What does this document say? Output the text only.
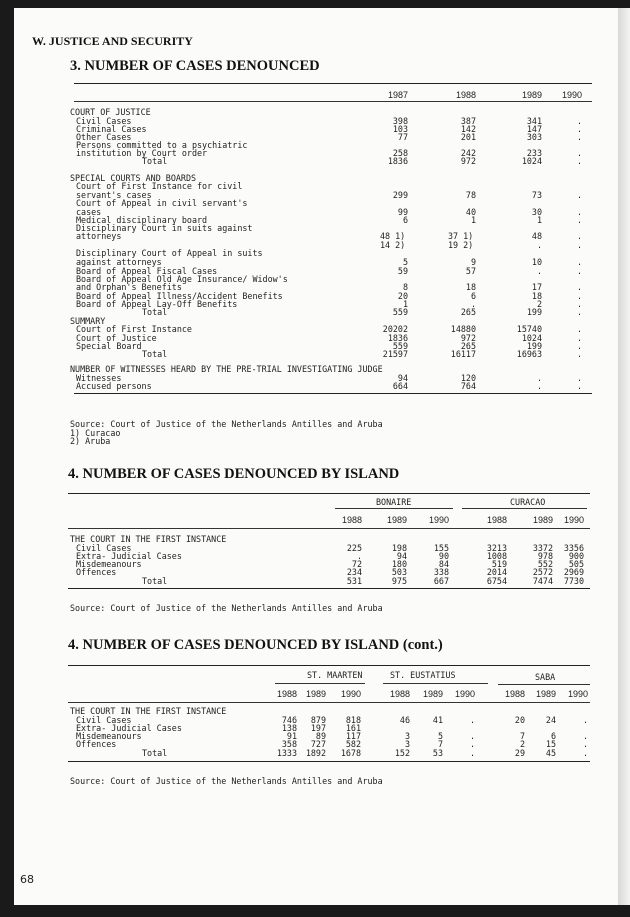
W. JUSTICE AND SECURITY
3. NUMBER OF CASES DENOUNCED
1987	1988	1989	1990
COURT OF JUSTICE
Civil Cases	398	387	341	.
Criminal Cases	103	142	147	.
Other Cases	77	201	303	.
Persons committed to a psychiatric
institution by Court order	258	242	233	.
Total	1836	972	1024	.
SPECIAL COURTS AND BOARDS
Court of First Instance for civil
servant's cases	299	78	73	.
Court of Appeal in civil servant's
cases	99	40	30	.
Medical disciplinary board	6	1	1	.
Disciplinary Court in suits against
attorneys	48 1)	37 1)	48	.
14 2)	19 2)	.	.
Disciplinary Court of Appeal in suits
against attorneys	5	9	10	.
Board of Appeal Fiscal Cases	59	57	.	.
Board of Appeal Old Age Insurance/ Widow's
and Orphan's Benefits	8	18	17	.
Board of Appeal Illness/Accident Benefits	20	6	18	.
Board of Appeal Lay-Off Benefits	1	.	2	.
Total	559	265	199	.
SUMMARY
Court of First Instance	20202	14880	15740	.
Court of Justice	1836	972	1024	.
Special Board	559	265	199	.
Total	21597	16117	16963	.
NUMBER OF WITNESSES HEARD BY THE PRE-TRIAL INVESTIGATING JUDGE
Witnesses	94	120	.	.
Accused persons	664	764	.	.
Source: Court of Justice of the Netherlands Antilles and Aruba
1) Curacao
2) Aruba
4. NUMBER OF CASES DENOUNCED BY ISLAND
BONAIRE	CURACAO
1988	1989	1990	1988	1989	1990
THE COURT IN THE FIRST INSTANCE
Civil Cases	225	198	155	3213	3372	3356
Extra- Judicial Cases	.	94	90	1008	978	900
Misdemeanours	72	180	84	519	552	505
Offences	234	503	338	2014	2572	2969
Total	531	975	667	6754	7474	7730
Source: Court of Justice of the Netherlands Antilles and Aruba
4. NUMBER OF CASES DENOUNCED BY ISLAND (cont.)
ST. MAARTEN	ST. EUSTATIUS	SABA
1988 1989	1990	1988	1989	1990	1988	1989	1990
THE COURT IN THE FIRST INSTANCE
Civil Cases	746	879	818	46	41	.	20	24	.
Extra- Judicial Cases	138	197	161
Misdemeanours	91	89	117	3	5	.	7	6	.
Offences	358	727	582	3	7	.	2	15	.
Total	1333	1892	1678	152	53	.	29	45	.
Source: Court of Justice of the Netherlands Antilles and Aruba
68
